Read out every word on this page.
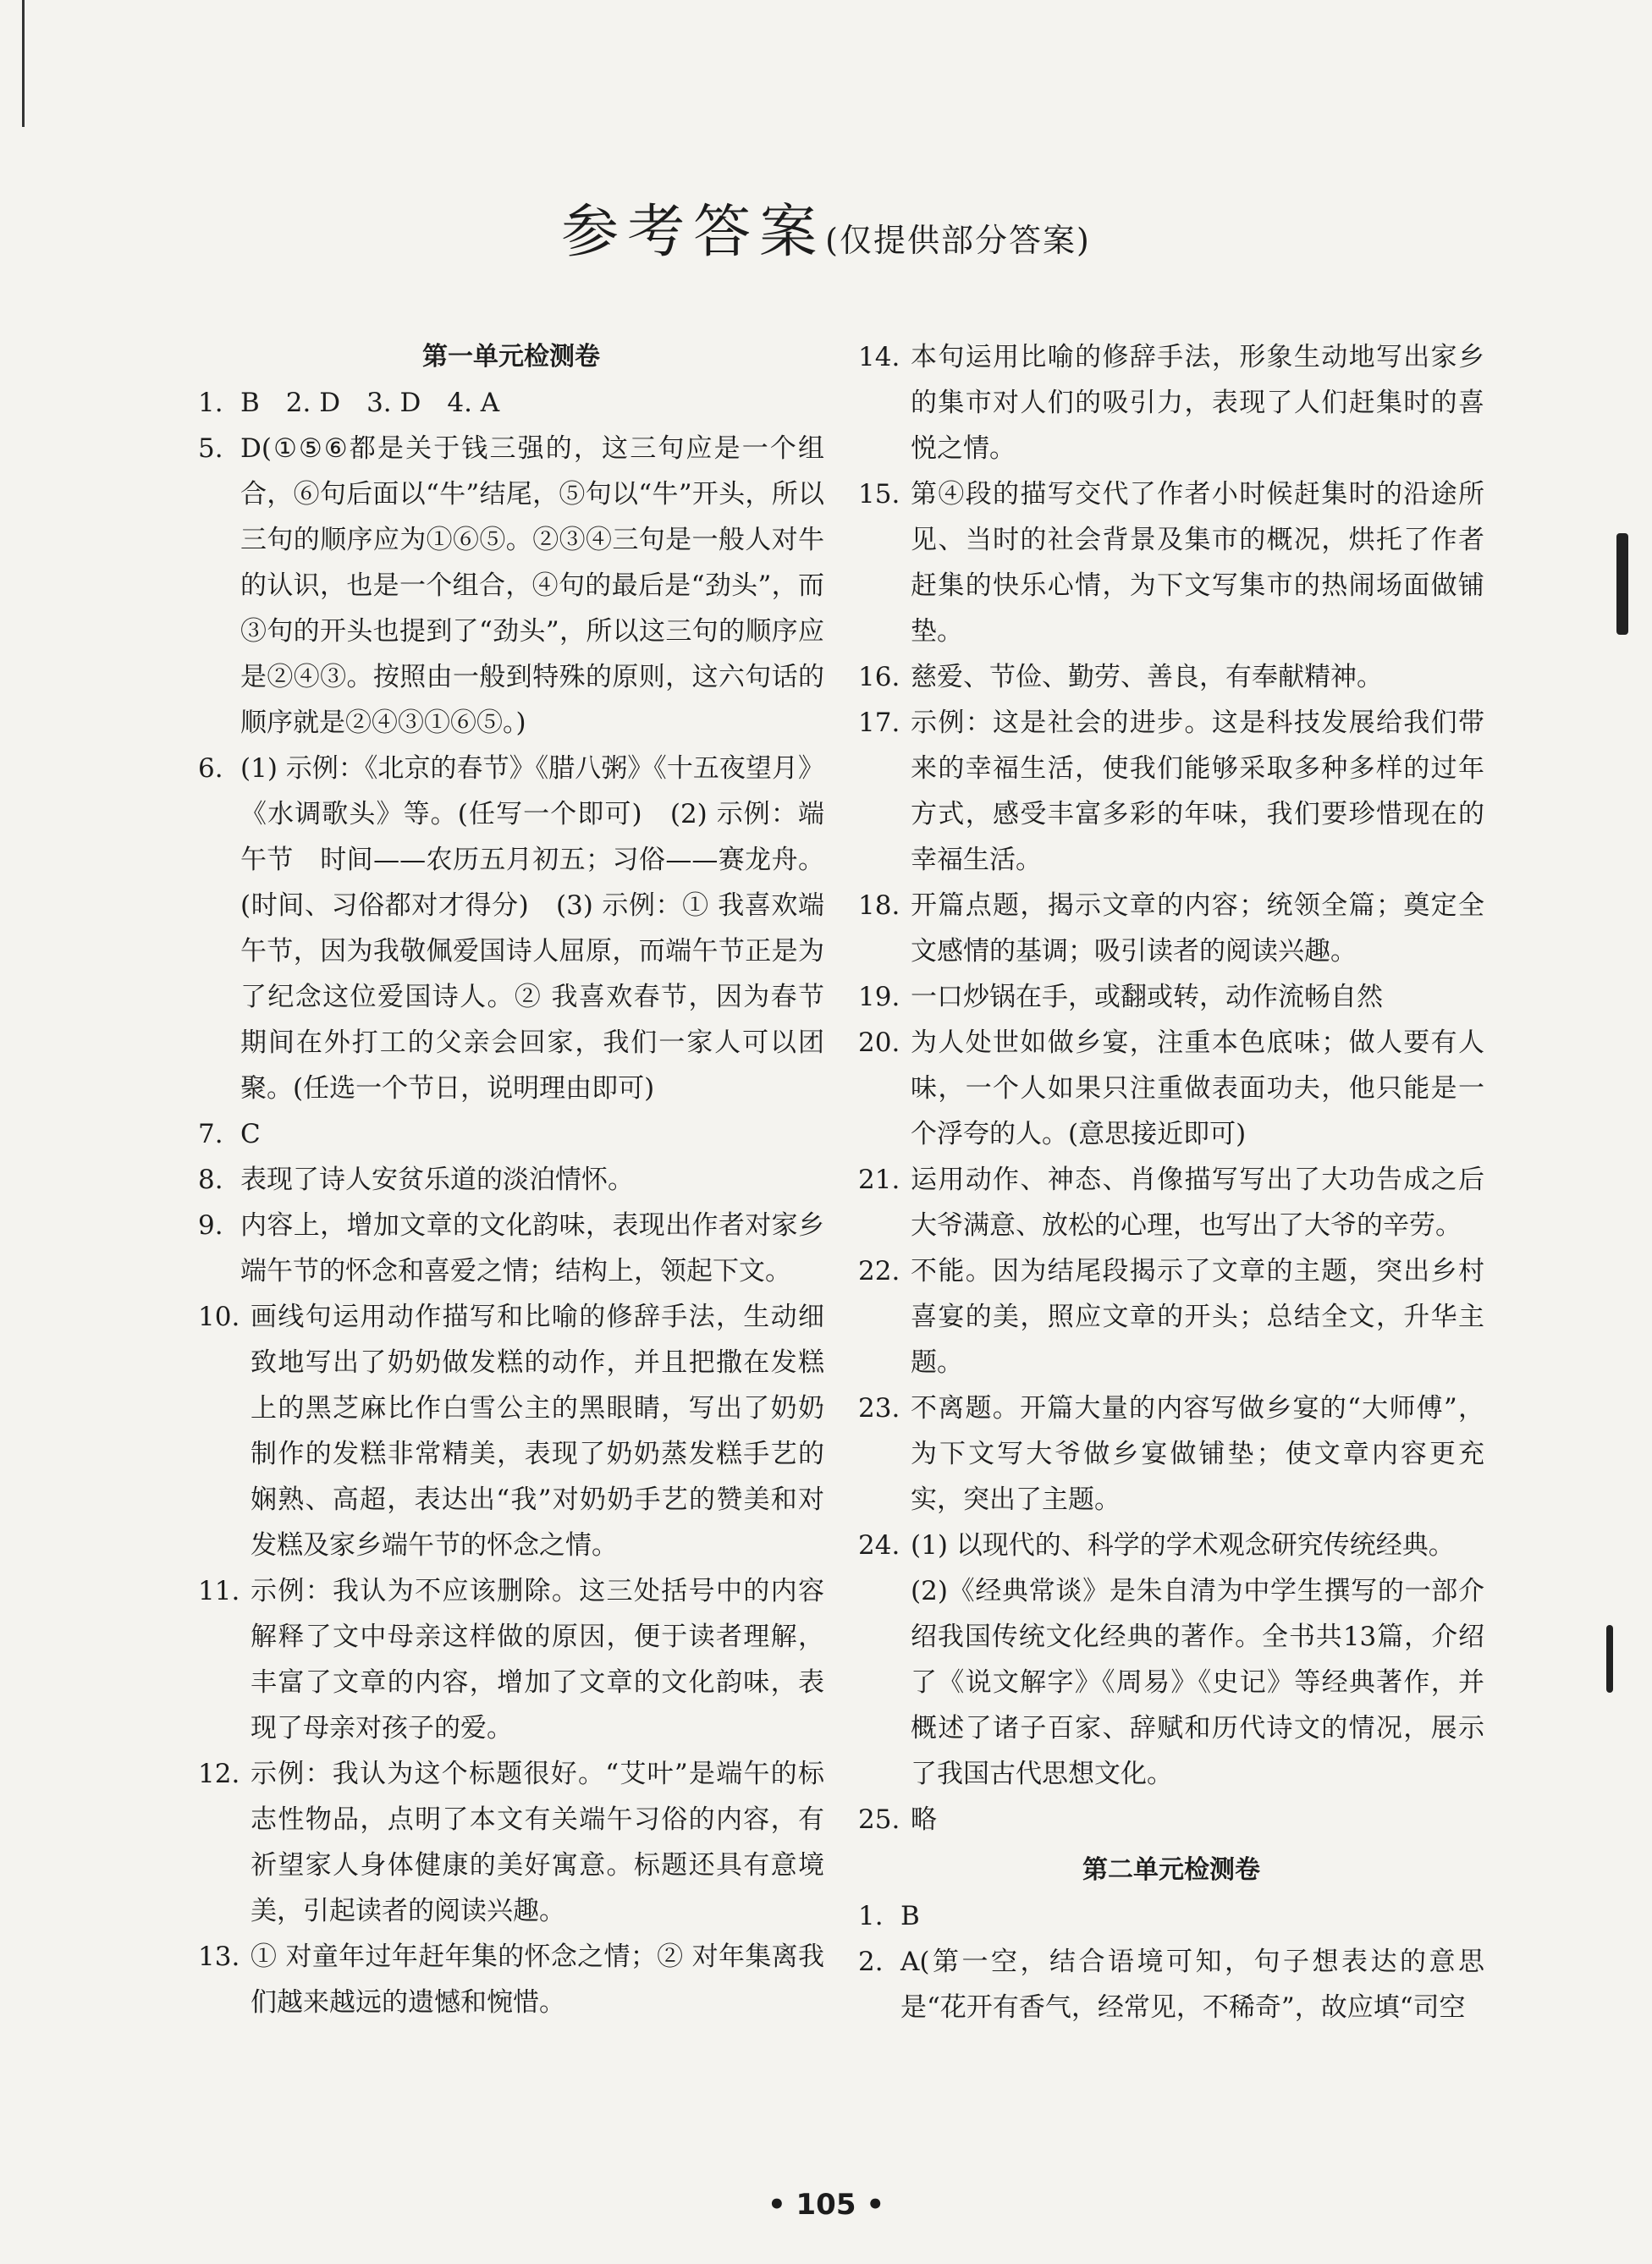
参考答案(仅提供部分答案)
第一单元检测卷
1. B　2. D　3. D　4. A
5. D(①⑤⑥都是关于钱三强的，这三句应是一个组合，⑥句后面以“牛”结尾，⑤句以“牛”开头，所以三句的顺序应为①⑥⑤。②③④三句是一般人对牛的认识，也是一个组合，④句的最后是“劲头”，而③句的开头也提到了“劲头”，所以这三句的顺序应是②④③。按照由一般到特殊的原则，这六句话的顺序就是②④③①⑥⑤。)
6. (1) 示例：《北京的春节》《腊八粥》《十五夜望月》《水调歌头》等。(任写一个即可)　(2) 示例：端午节　时间——农历五月初五；习俗——赛龙舟。(时间、习俗都对才得分)　(3) 示例：① 我喜欢端午节，因为我敬佩爱国诗人屈原，而端午节正是为了纪念这位爱国诗人。② 我喜欢春节，因为春节期间在外打工的父亲会回家，我们一家人可以团聚。(任选一个节日，说明理由即可)
7. C
8. 表现了诗人安贫乐道的淡泊情怀。
9. 内容上，增加文章的文化韵味，表现出作者对家乡端午节的怀念和喜爱之情；结构上，领起下文。
10. 画线句运用动作描写和比喻的修辞手法，生动细致地写出了奶奶做发糕的动作，并且把撒在发糕上的黑芝麻比作白雪公主的黑眼睛，写出了奶奶制作的发糕非常精美，表现了奶奶蒸发糕手艺的娴熟、高超，表达出“我”对奶奶手艺的赞美和对发糕及家乡端午节的怀念之情。
11. 示例：我认为不应该删除。这三处括号中的内容解释了文中母亲这样做的原因，便于读者理解，丰富了文章的内容，增加了文章的文化韵味，表现了母亲对孩子的爱。
12. 示例：我认为这个标题很好。“艾叶”是端午的标志性物品，点明了本文有关端午习俗的内容，有祈望家人身体健康的美好寓意。标题还具有意境美，引起读者的阅读兴趣。
13. ① 对童年过年赶年集的怀念之情；② 对年集离我们越来越远的遗憾和惋惜。
14. 本句运用比喻的修辞手法，形象生动地写出家乡的集市对人们的吸引力，表现了人们赶集时的喜悦之情。
15. 第④段的描写交代了作者小时候赶集时的沿途所见、当时的社会背景及集市的概况，烘托了作者赶集的快乐心情，为下文写集市的热闹场面做铺垫。
16. 慈爱、节俭、勤劳、善良，有奉献精神。
17. 示例：这是社会的进步。这是科技发展给我们带来的幸福生活，使我们能够采取多种多样的过年方式，感受丰富多彩的年味，我们要珍惜现在的幸福生活。
18. 开篇点题，揭示文章的内容；统领全篇；奠定全文感情的基调；吸引读者的阅读兴趣。
19. 一口炒锅在手，或翻或转，动作流畅自然
20. 为人处世如做乡宴，注重本色底味；做人要有人味，一个人如果只注重做表面功夫，他只能是一个浮夸的人。(意思接近即可)
21. 运用动作、神态、肖像描写写出了大功告成之后大爷满意、放松的心理，也写出了大爷的辛劳。
22. 不能。因为结尾段揭示了文章的主题，突出乡村喜宴的美，照应文章的开头；总结全文，升华主题。
23. 不离题。开篇大量的内容写做乡宴的“大师傅”，为下文写大爷做乡宴做铺垫；使文章内容更充实，突出了主题。
24. (1) 以现代的、科学的学术观念研究传统经典。
(2)《经典常谈》是朱自清为中学生撰写的一部介绍我国传统文化经典的著作。全书共13篇，介绍了《说文解字》《周易》《史记》等经典著作，并概述了诸子百家、辞赋和历代诗文的情况，展示了我国古代思想文化。
25. 略
第二单元检测卷
1. B
2. A(第一空，结合语境可知，句子想表达的意思是“花开有香气，经常见，不稀奇”，故应填“司空
• 105 •
